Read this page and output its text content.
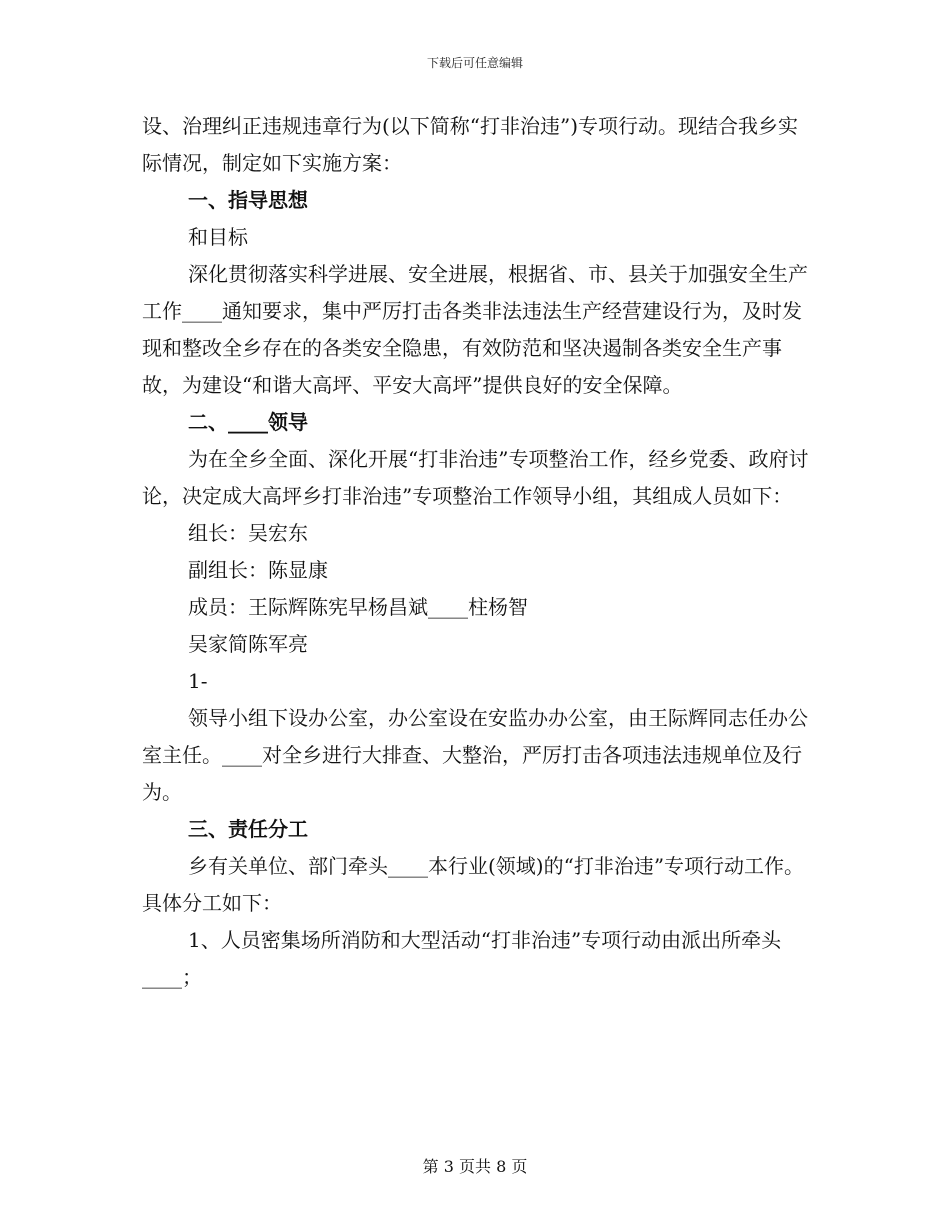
下载后可任意编辑

设、治理纠正违规违章行为(以下简称“打非治违”)专项行动。现结合我乡实际情况，制定如下实施方案：

一、指导思想

和目标

深化贯彻落实科学进展、安全进展，根据省、市、县关于加强安全生产工作____通知要求，集中严厉打击各类非法违法生产经营建设行为，及时发现和整改全乡存在的各类安全隐患，有效防范和坚决遏制各类安全生产事故，为建设“和谐大高坪、平安大高坪”提供良好的安全保障。

二、____领导

为在全乡全面、深化开展“打非治违”专项整治工作，经乡党委、政府讨论，决定成大高坪乡打非治违”专项整治工作领导小组，其组成人员如下：

组长：吴宏东

副组长：陈显康

成员：王际辉陈宪早杨昌斌____柱杨智

吴家简陈军亮

1-

领导小组下设办公室，办公室设在安监办办公室，由王际辉同志任办公室主任。____对全乡进行大排查、大整治，严厉打击各项违法违规单位及行为。

三、责任分工

乡有关单位、部门牵头____本行业(领域)的“打非治违”专项行动工作。具体分工如下：

1、人员密集场所消防和大型活动“打非治违”专项行动由派出所牵头____；

第 3 页共 8 页
